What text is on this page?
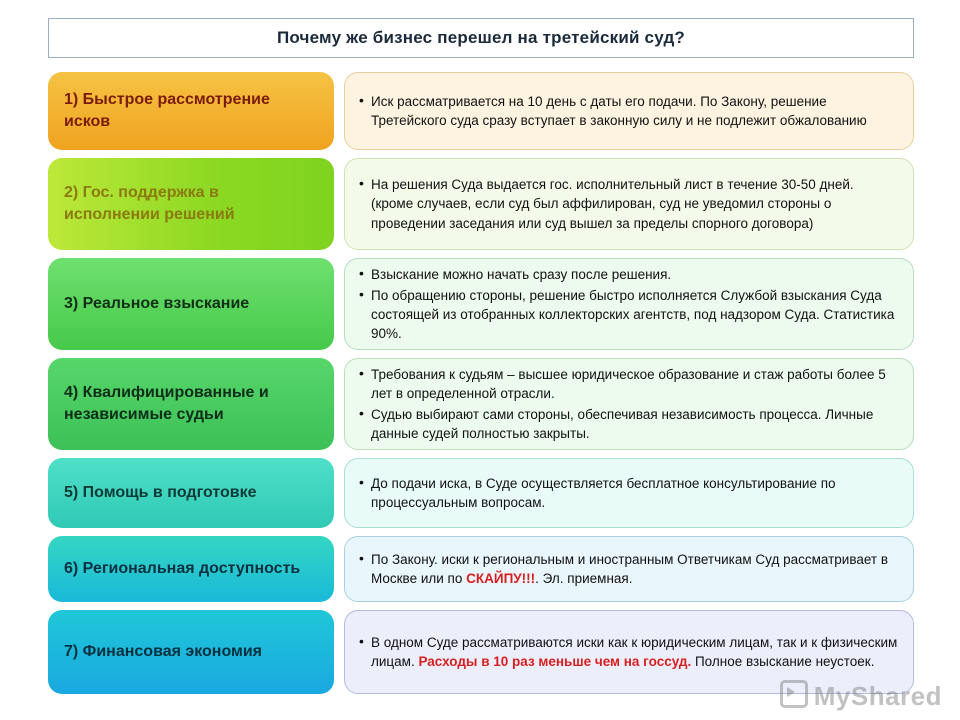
Почему же бизнес перешел на третейский суд?
1) Быстрое рассмотрение исков
• Иск рассматривается на 10 день с даты его подачи. По Закону, решение Третейского суда сразу вступает в законную силу и не подлежит обжалованию
2) Гос. поддержка в исполнении решений
• На решения Суда выдается гос. исполнительный лист в течение 30-50 дней. (кроме случаев, если суд был аффилирован, суд не уведомил стороны о проведении заседания или суд вышел за пределы спорного договора)
3) Реальное взыскание
• Взыскание можно начать сразу после решения.
• По обращению стороны, решение быстро исполняется Службой взыскания Суда состоящей из отобранных коллекторских агентств, под надзором Суда. Статистика 90%.
4) Квалифицированные и независимые судьи
• Требования к судьям – высшее юридическое образование и стаж работы более 5 лет в определенной отрасли.
• Судью выбирают сами стороны, обеспечивая независимость процесса. Личные данные судей полностью закрыты.
5) Помощь в подготовке
• До подачи иска, в Суде осуществляется бесплатное консультирование по процессуальным вопросам.
6) Региональная доступность
• По Закону. иски к региональным и иностранным Ответчикам Суд рассматривает в Москве или по СКАЙПУ!!!. Эл. приемная.
7) Финансовая экономия
• В одном Суде рассматриваются иски как к юридическим лицам, так и к физическим лицам. Расходы в 10 раз меньше чем на госсуд. Полное взыскание неустоек.
MyShared
